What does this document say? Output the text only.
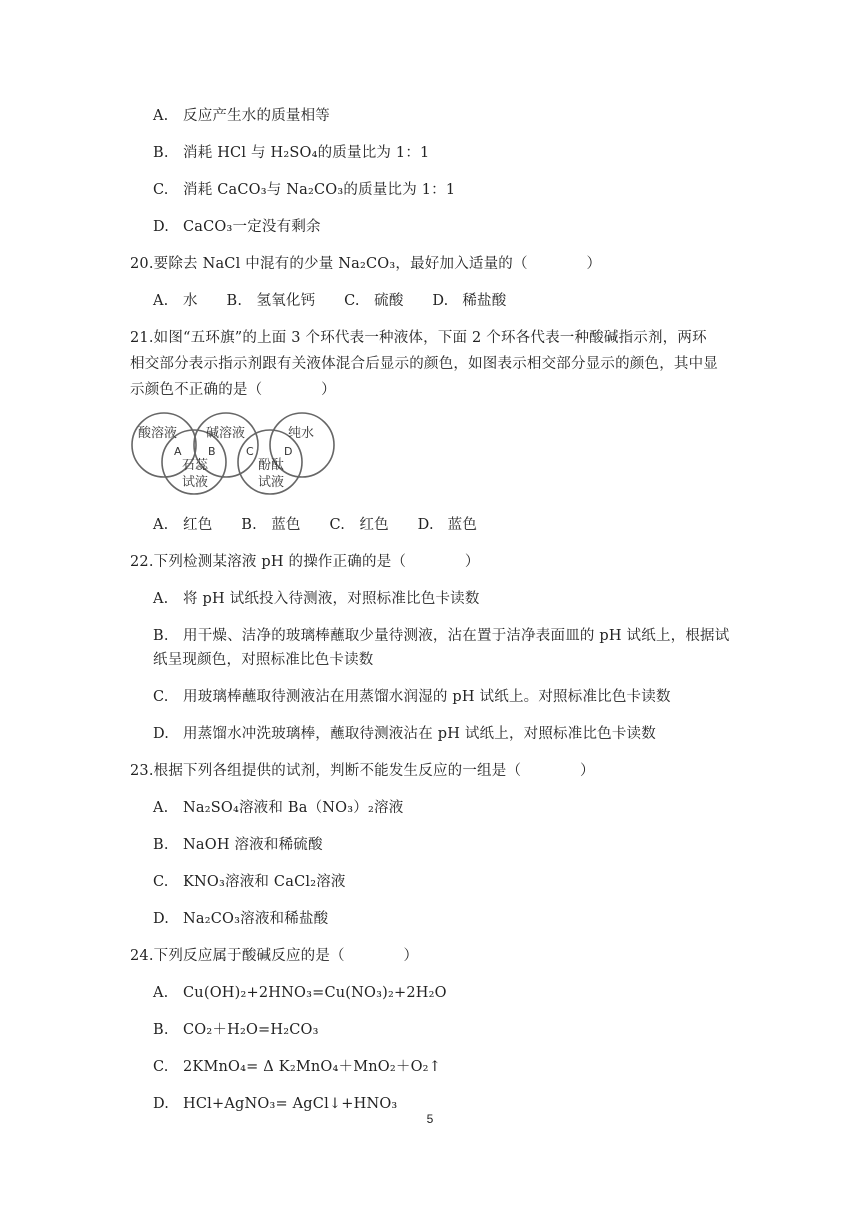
A. 反应产生水的质量相等
B. 消耗 HCl 与 H₂SO₄的质量比为 1：1
C. 消耗 CaCO₃与 Na₂CO₃的质量比为 1：1
D. CaCO₃一定没有剩余
20.要除去 NaCl 中混有的少量 Na₂CO₃，最好加入适量的（　　　　）
A. 水 B. 氢氧化钙 C. 硫酸 D. 稀盐酸
21.如图“五环旗”的上面 3 个环代表一种液体，下面 2 个环各代表一种酸碱指示剂，两环
相交部分表示指示剂跟有关液体混合后显示的颜色，如图表示相交部分显示的颜色，其中显
示颜色不正确的是（　　　　）
酸溶液 碱溶液	纯水
石蕊
试液
酚酞
试液
A B	C	D
A. 红色 B. 蓝色 C. 红色 D. 蓝色
22.下列检测某溶液 pH 的操作正确的是（　　　　）
A. 将 pH 试纸投入待测液，对照标准比色卡读数
B. 用干燥、洁净的玻璃棒蘸取少量待测液，沾在置于洁净表面皿的 pH 试纸上，根据试
纸呈现颜色，对照标准比色卡读数
C. 用玻璃棒蘸取待测液沾在用蒸馏水润湿的 pH 试纸上。对照标准比色卡读数
D. 用蒸馏水冲洗玻璃棒，蘸取待测液沾在 pH 试纸上，对照标准比色卡读数
23.根据下列各组提供的试剂，判断不能发生反应的一组是（　　　　）
A. Na₂SO₄溶液和 Ba（NO₃）₂溶液
B. NaOH 溶液和稀硫酸
C. KNO₃溶液和 CaCl₂溶液
D. Na₂CO₃溶液和稀盐酸
24.下列反应属于酸碱反应的是（　　　　）
A. Cu(OH)₂+2HNO₃=Cu(NO₃)₂+2H₂O
B. CO₂＋H₂O=H₂CO₃
C. 2KMnO₄= Δ K₂MnO₄＋MnO₂＋O₂↑
D. HCl+AgNO₃= AgCl↓+HNO₃
5
